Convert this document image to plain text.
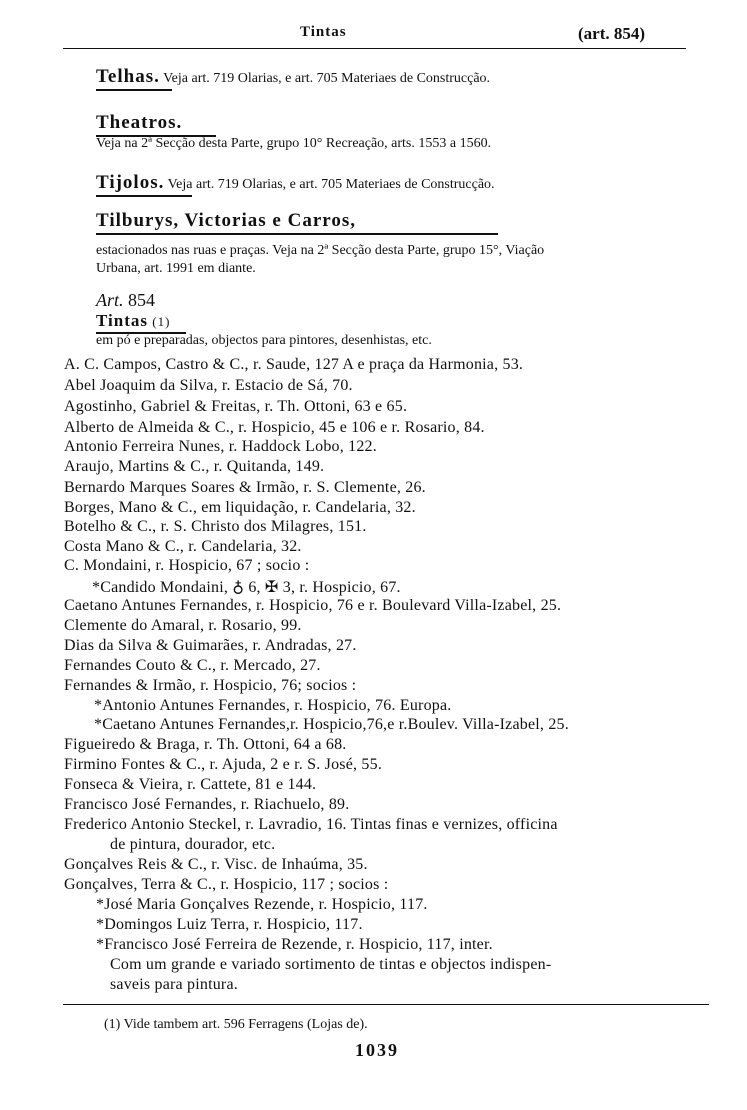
Tintas	(art. 854)
Telhas. Veja art. 719 Olarias, e art. 705 Materiaes de Construcção.
Theatros.
Veja na 2ª Secção desta Parte, grupo 10° Recreação, arts. 1553 a 1560.
Tijolos. Veja art. 719 Olarias, e art. 705 Materiaes de Construcção.
Tilburys, Victorias e Carros,
estacionados nas ruas e praças. Veja na 2ª Secção desta Parte, grupo 15°, Viação
Urbana, art. 1991 em diante.
Art. 854
Tintas (1)
em pó e preparadas, objectos para pintores, desenhistas, etc.
A. C. Campos, Castro & C., r. Saude, 127 A e praça da Harmonia, 53.
Abel Joaquim da Silva, r. Estacio de Sá, 70.
Agostinho, Gabriel & Freitas, r. Th. Ottoni, 63 e 65.
Alberto de Almeida & C., r. Hospicio, 45 e 106 e r. Rosario, 84.
Antonio Ferreira Nunes, r. Haddock Lobo, 122.
Araujo, Martins & C., r. Quitanda, 149.
Bernardo Marques Soares & Irmão, r. S. Clemente, 26.
Borges, Mano & C., em liquidação, r. Candelaria, 32.
Botelho & C., r. S. Christo dos Milagres, 151.
Costa Mano & C., r. Candelaria, 32.
C. Mondaini, r. Hospicio, 67 ; socio :
*Candido Mondaini, ♁ 6, ✠ 3, r. Hospicio, 67.
Caetano Antunes Fernandes, r. Hospicio, 76 e r. Boulevard Villa-Izabel, 25.
Clemente do Amaral, r. Rosario, 99.
Dias da Silva & Guimarães, r. Andradas, 27.
Fernandes Couto & C., r. Mercado, 27.
Fernandes & Irmão, r. Hospicio, 76; socios :
*Antonio Antunes Fernandes, r. Hospicio, 76. Europa.
*Caetano Antunes Fernandes,r. Hospicio,76,e r.Boulev. Villa-Izabel, 25.
Figueiredo & Braga, r. Th. Ottoni, 64 a 68.
Firmino Fontes & C., r. Ajuda, 2 e r. S. José, 55.
Fonseca & Vieira, r. Cattete, 81 e 144.
Francisco José Fernandes, r. Riachuelo, 89.
Frederico Antonio Steckel, r. Lavradio, 16. Tintas finas e vernizes, officina
de pintura, dourador, etc.
Gonçalves Reis & C., r. Visc. de Inhaúma, 35.
Gonçalves, Terra & C., r. Hospicio, 117 ; socios :
*José Maria Gonçalves Rezende, r. Hospicio, 117.
*Domingos Luiz Terra, r. Hospicio, 117.
*Francisco José Ferreira de Rezende, r. Hospicio, 117, inter.
Com um grande e variado sortimento de tintas e objectos indispen-
saveis para pintura.
(1) Vide tambem art. 596 Ferragens (Lojas de).
1039
